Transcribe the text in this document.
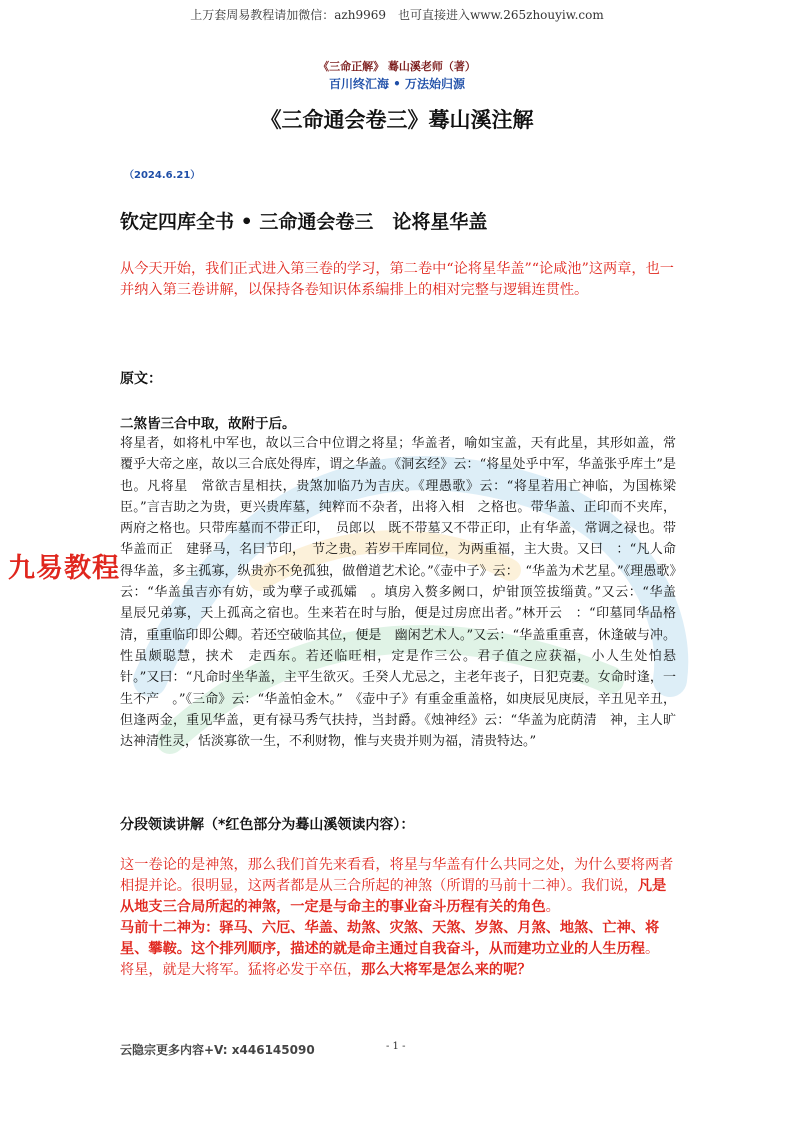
上万套周易教程请加微信：azh9969　也可直接进入www.265zhouyiw.com
《三命正解》 蓦山溪老师（著）
百川终汇海 • 万法始归源
《三命通会卷三》蓦山溪注解
（2024.6.21）
钦定四库全书 • 三命通会卷三　论将星华盖
从今天开始，我们正式进入第三卷的学习，第二卷中“论将星华盖”“论咸池”这两章，也一并纳入第三卷讲解，以保持各卷知识体系编排上的相对完整与逻辑连贯性。
原文：
二煞皆三合中取，故附于后。
将星者，如将札中军也，故以三合中位谓之将星；华盖者，喻如宝盖，天有此星，其形如盖，常覆乎大帝之座，故以三合底处得库，谓之华盖。《洞玄经》云：“将星处乎中军，华盖张乎库土”是也。凡将星　常欲吉星相扶，贵煞加临乃为吉庆。《理愚歌》云：“将星若用亡神临，为国栋梁臣。”言吉助之为贵，更兴贵库墓，纯粹而不杂者，出将入相　之格也。带华盖、正印而不夹库，两府之格也。只带库墓而不带正印，　员郎以　既不带墓又不带正印，止有华盖，常调之禄也。带华盖而正　建驿马，名曰节印，　节之贵。若岁干库同位，为两重福，主大贵。又曰　：“凡人命得华盖，多主孤寡，纵贵亦不免孤独，做僧道艺术论。”《壶中子》云：　“华盖为术艺星。”《理愚歌》云：“华盖虽吉亦有妨，或为孽子或孤孀　。填房入赘多阙口，炉钳顶笠拔缁黄。”又云：“华盖　星辰兄弟寡，天上孤高之宿也。生来若在时与胎，便是过房庶出者。”林开云　：“印墓同华品格清，重重临印即公卿。若还空破临其位，便是　幽闲艺术人。”又云：“华盖重重喜，休逢破与冲。性虽颇聪慧，挟术　走西东。若还临旺相，定是作三公。君子值之应获福，小人生处怕悬　针。”又曰：“凡命时坐华盖，主平生欲灭。壬癸人尤忌之，主老年丧子，日犯克妻。女命时逢，一生不产　。”《三命》云：“华盖怕金木。”　《壶中子》有重金重盖格，如庚辰见庚辰，辛丑见辛丑，但逢两金，重见华盖，更有禄马秀气扶持，当封爵。《烛神经》云：“华盖为庇荫清　神，主人旷达神清性灵，恬淡寡欲一生，不利财物，惟与夹贵并则为福，清贵特达。”
分段领读讲解（*红色部分为蓦山溪领读内容）：
这一卷论的是神煞，那么我们首先来看看，将星与华盖有什么共同之处，为什么要将两者相提并论。很明显，这两者都是从三合所起的神煞（所谓的马前十二神）。我们说，凡是从地支三合局所起的神煞，一定是与命主的事业奋斗历程有关的角色。
马前十二神为：驿马、六厄、华盖、劫煞、灾煞、天煞、岁煞、月煞、地煞、亡神、将星、攀鞍。这个排列顺序，描述的就是命主通过自我奋斗，从而建功立业的人生历程。
将星，就是大将军。猛将必发于卒伍，那么大将军是怎么来的呢？
九易教程
云隐宗更多内容+V: x446145090	- 1 -
